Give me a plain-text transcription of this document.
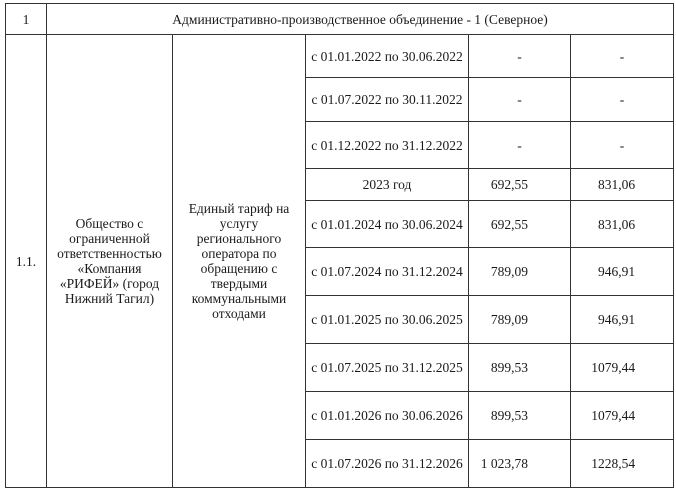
1	Административно-производственное объединение - 1 (Северное)				
1.1.	Общество с ограниченной ответственностью «Компания «РИФЕЙ» (город Нижний Тагил)	Единый тариф на услугу регионального оператора по обращению с твердыми коммунальными отходами	с 01.01.2022 по 30.06.2022	-	-
			с 01.07.2022 по 30.11.2022	-	-
			с 01.12.2022 по 31.12.2022	-	-
			2023 год	692,55	831,06
			с 01.01.2024 по 30.06.2024	692,55	831,06
			с 01.07.2024 по 31.12.2024	789,09	946,91
			с 01.01.2025 по 30.06.2025	789,09	946,91
			с 01.07.2025 по 31.12.2025	899,53	1079,44
			с 01.01.2026 по 30.06.2026	899,53	1079,44
			с 01.07.2026 по 31.12.2026	1 023,78	1228,54
